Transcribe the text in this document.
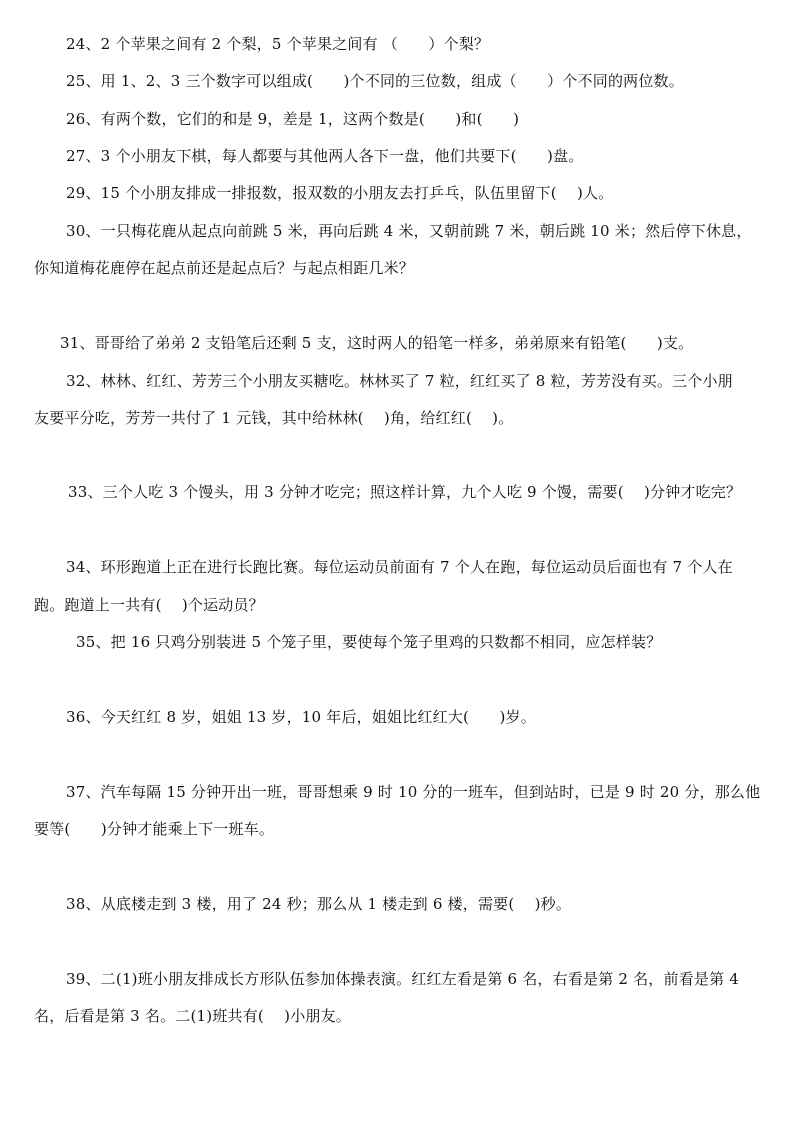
24、2 个苹果之间有 2 个梨，5 个苹果之间有 （　　）个梨？
25、用 1、2、3 三个数字可以组成(　　)个不同的三位数，组成（　　）个不同的两位数。
26、有两个数，它们的和是 9，差是 1，这两个数是(　　)和(　　)
27、3 个小朋友下棋，每人都要与其他两人各下一盘，他们共要下(　　)盘。
29、15 个小朋友排成一排报数，报双数的小朋友去打乒乓，队伍里留下(　 )人。
30、一只梅花鹿从起点向前跳 5 米，再向后跳 4 米，又朝前跳 7 米，朝后跳 10 米；然后停下休息，
你知道梅花鹿停在起点前还是起点后？与起点相距几米？
31、哥哥给了弟弟 2 支铅笔后还剩 5 支，这时两人的铅笔一样多，弟弟原来有铅笔(　　)支。
32、林林、红红、芳芳三个小朋友买糖吃。林林买了 7 粒，红红买了 8 粒，芳芳没有买。三个小朋
友要平分吃，芳芳一共付了 1 元钱，其中给林林(　 )角，给红红(　 )。
33、三个人吃 3 个馒头，用 3 分钟才吃完；照这样计算，九个人吃 9 个馒，需要(　 )分钟才吃完？
34、环形跑道上正在进行长跑比赛。每位运动员前面有 7 个人在跑，每位运动员后面也有 7 个人在
跑。跑道上一共有(　 )个运动员？
35、把 16 只鸡分别装进 5 个笼子里，要使每个笼子里鸡的只数都不相同，应怎样装？
36、今天红红 8 岁，姐姐 13 岁，10 年后，姐姐比红红大(　　)岁。
37、汽车每隔 15 分钟开出一班，哥哥想乘 9 时 10 分的一班车，但到站时，已是 9 时 20 分，那么他
要等(　　)分钟才能乘上下一班车。
38、从底楼走到 3 楼，用了 24 秒；那么从 1 楼走到 6 楼，需要(　 )秒。
39、二(1)班小朋友排成长方形队伍参加体操表演。红红左看是第 6 名，右看是第 2 名，前看是第 4
名，后看是第 3 名。二(1)班共有(　 )小朋友。
